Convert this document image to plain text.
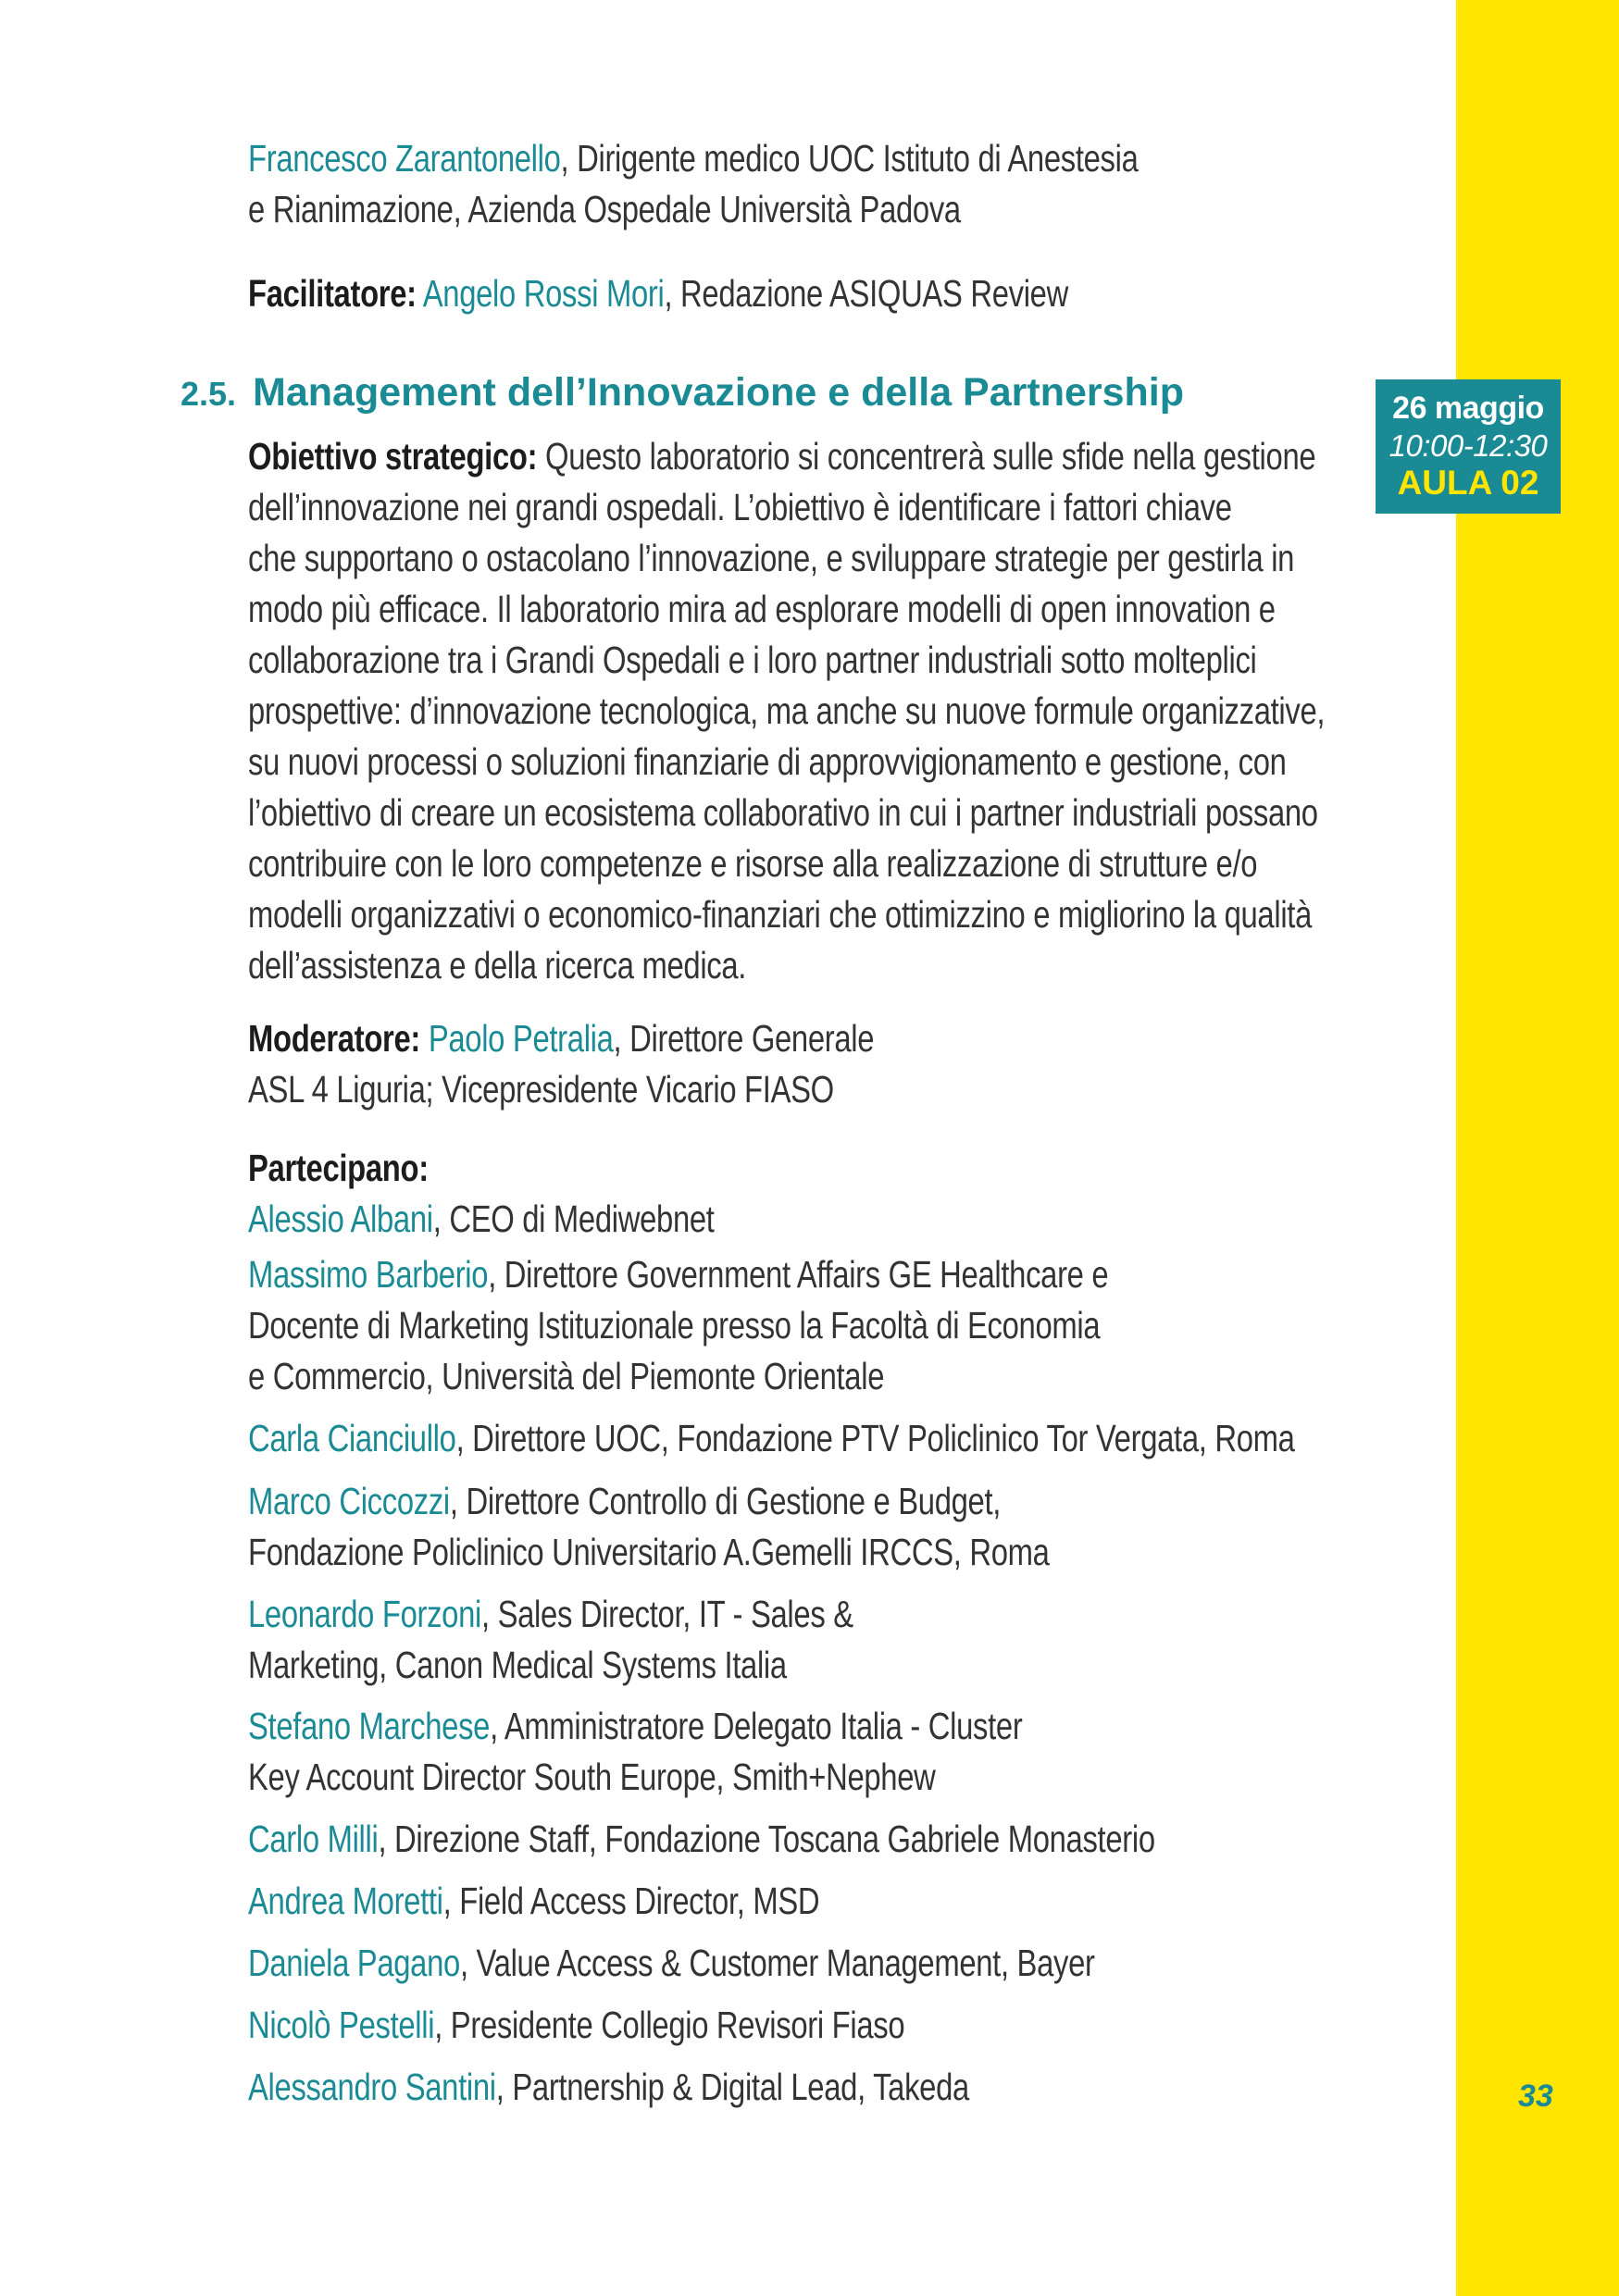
Francesco Zarantonello, Dirigente medico UOC Istituto di Anestesia
e Rianimazione, Azienda Ospedale Università Padova
Facilitatore: Angelo Rossi Mori, Redazione ASIQUAS Review
2.5. Management dell’Innovazione e della Partnership	26 maggio
10:00-12:30
AULA 02
Obiettivo strategico: Questo laboratorio si concentrerà sulle sfide nella gestione
dell’innovazione nei grandi ospedali. L’obiettivo è identificare i fattori chiave
che supportano o ostacolano l’innovazione, e sviluppare strategie per gestirla in
modo più efficace. Il laboratorio mira ad esplorare modelli di open innovation e
collaborazione tra i Grandi Ospedali e i loro partner industriali sotto molteplici
prospettive: d’innovazione tecnologica, ma anche su nuove formule organizzative,
su nuovi processi o soluzioni finanziarie di approvvigionamento e gestione, con
l’obiettivo di creare un ecosistema collaborativo in cui i partner industriali possano
contribuire con le loro competenze e risorse alla realizzazione di strutture e/o
modelli organizzativi o economico-finanziari che ottimizzino e migliorino la qualità
dell’assistenza e della ricerca medica.
Moderatore: Paolo Petralia, Direttore Generale
ASL 4 Liguria; Vicepresidente Vicario FIASO
Partecipano:
Alessio Albani, CEO di Mediwebnet
Massimo Barberio, Direttore Government Affairs GE Healthcare e
Docente di Marketing Istituzionale presso la Facoltà di Economia
e Commercio, Università del Piemonte Orientale
Carla Cianciullo, Direttore UOC, Fondazione PTV Policlinico Tor Vergata, Roma
Marco Ciccozzi, Direttore Controllo di Gestione e Budget,
Fondazione Policlinico Universitario A.Gemelli IRCCS, Roma
Leonardo Forzoni, Sales Director, IT - Sales &
Marketing, Canon Medical Systems Italia
Stefano Marchese, Amministratore Delegato Italia - Cluster
Key Account Director South Europe, Smith+Nephew
Carlo Milli, Direzione Staff, Fondazione Toscana Gabriele Monasterio
Andrea Moretti, Field Access Director, MSD
Daniela Pagano, Value Access & Customer Management, Bayer
Nicolò Pestelli, Presidente Collegio Revisori Fiaso
Alessandro Santini, Partnership & Digital Lead, Takeda	33
